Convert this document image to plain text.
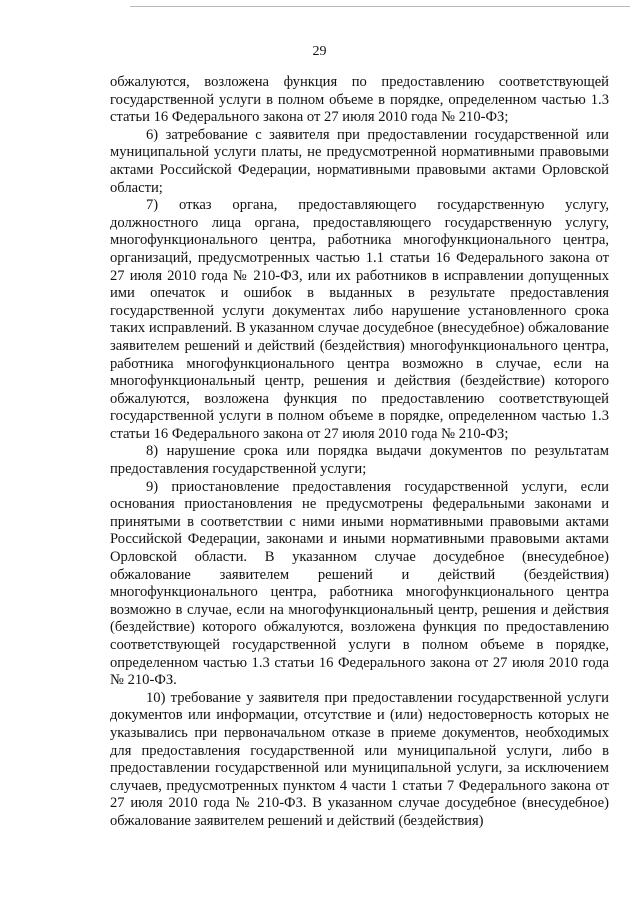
29

обжалуются, возложена функция по предоставлению соответствующей государственной услуги в полном объеме в порядке, определенном частью 1.3 статьи 16 Федерального закона от 27 июля 2010 года № 210-ФЗ;

6) затребование с заявителя при предоставлении государственной или муниципальной услуги платы, не предусмотренной нормативными правовыми актами Российской Федерации, нормативными правовыми актами Орловской области;

7) отказ органа, предоставляющего государственную услугу, должностного лица органа, предоставляющего государственную услугу, многофункционального центра, работника многофункционального центра, организаций, предусмотренных частью 1.1 статьи 16 Федерального закона от 27 июля 2010 года № 210-ФЗ, или их работников в исправлении допущенных ими опечаток и ошибок в выданных в результате предоставления государственной услуги документах либо нарушение установленного срока таких исправлений. В указанном случае досудебное (внесудебное) обжалование заявителем решений и действий (бездействия) многофункционального центра, работника многофункционального центра возможно в случае, если на многофункциональный центр, решения и действия (бездействие) которого обжалуются, возложена функция по предоставлению соответствующей государственной услуги в полном объеме в порядке, определенном частью 1.3 статьи 16 Федерального закона от 27 июля 2010 года № 210-ФЗ;

8) нарушение срока или порядка выдачи документов по результатам предоставления государственной услуги;

9) приостановление предоставления государственной услуги, если основания приостановления не предусмотрены федеральными законами и принятыми в соответствии с ними иными нормативными правовыми актами Российской Федерации, законами и иными нормативными правовыми актами Орловской области. В указанном случае досудебное (внесудебное) обжалование заявителем решений и действий (бездействия) многофункционального центра, работника многофункционального центра возможно в случае, если на многофункциональный центр, решения и действия (бездействие) которого обжалуются, возложена функция по предоставлению соответствующей государственной услуги в полном объеме в порядке, определенном частью 1.3 статьи 16 Федерального закона от 27 июля 2010 года № 210-ФЗ.

10) требование у заявителя при предоставлении государственной услуги документов или информации, отсутствие и (или) недостоверность которых не указывались при первоначальном отказе в приеме документов, необходимых для предоставления государственной или муниципальной услуги, либо в предоставлении государственной или муниципальной услуги, за исключением случаев, предусмотренных пунктом 4 части 1 статьи 7 Федерального закона от 27 июля 2010 года № 210-ФЗ. В указанном случае досудебное (внесудебное) обжалование заявителем решений и действий (бездействия)
